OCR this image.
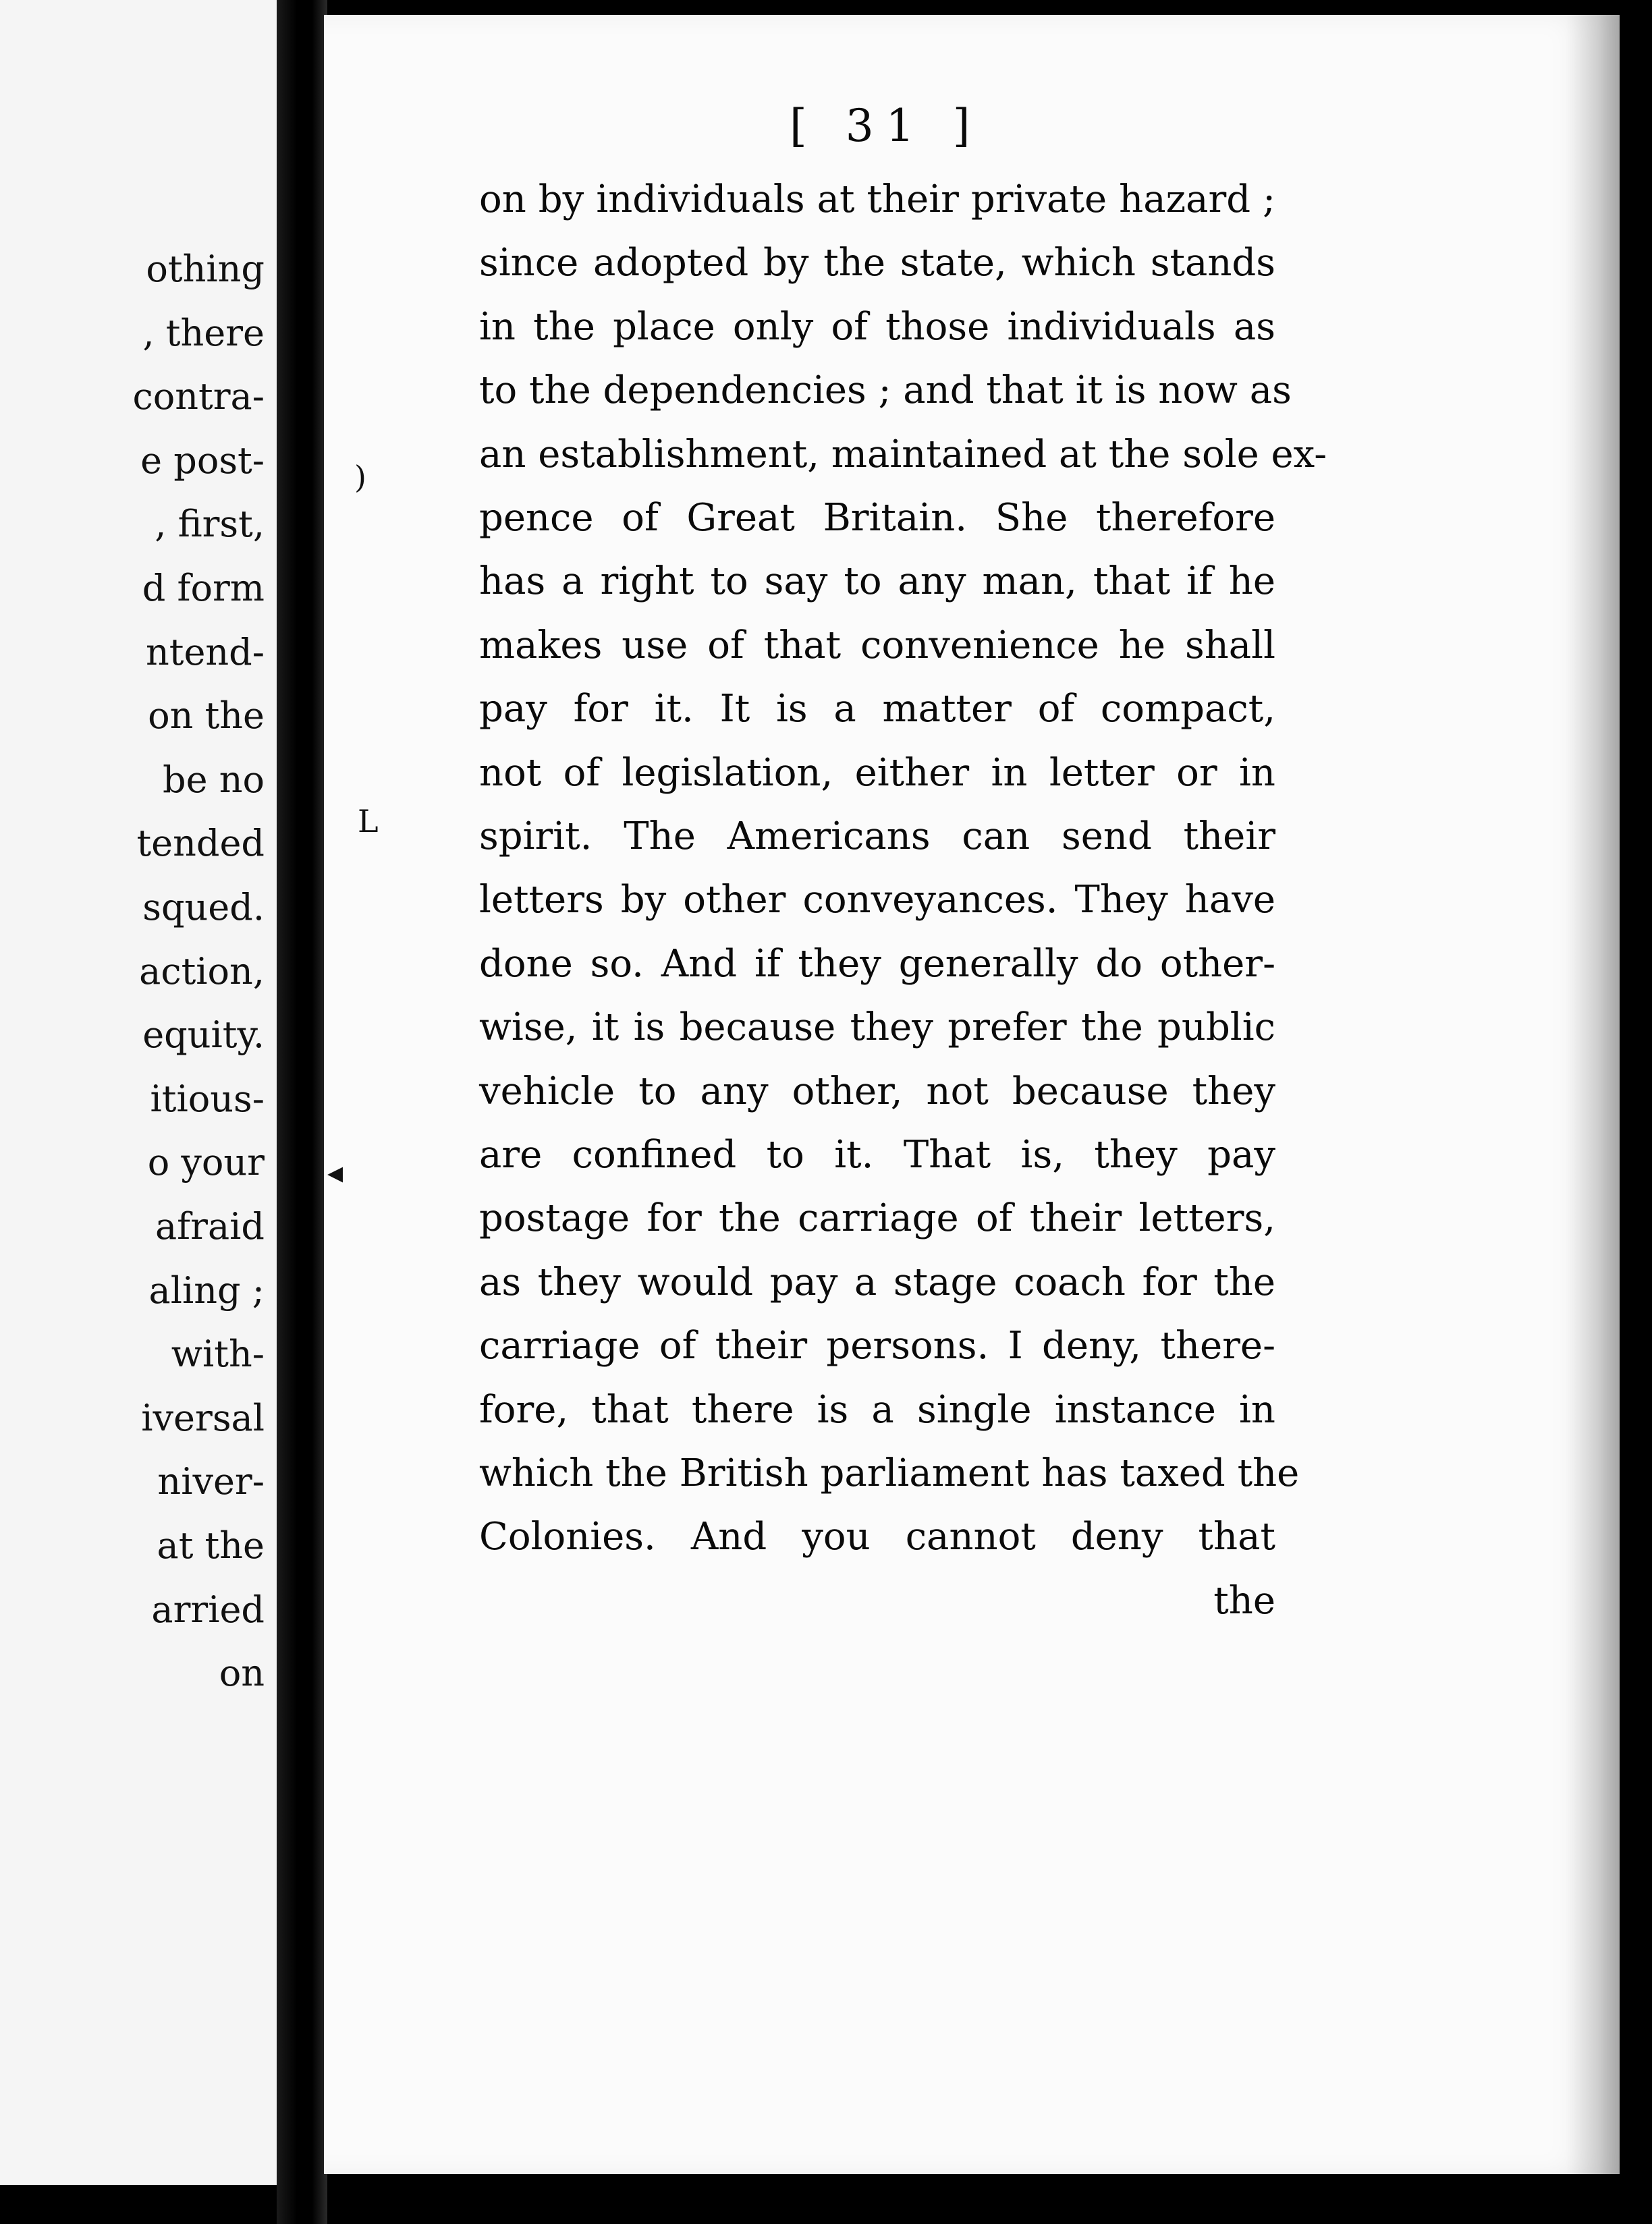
othing
, there
contra-
e post-
, first,
d form
ntend-
on the
be no
tended
squed.
action,
equity.
itious-
o your
afraid
aling ;
with-
iversal
niver-
at the
arried
on
[ 31 ]
on by individuals at their private hazard ;
since adopted by the state, which stands
in the place only of those individuals as
to the dependencies ; and that it is now as
an establishment, maintained at the sole ex-
pence of Great Britain. She therefore
has a right to say to any man, that if he
makes use of that convenience he shall
pay for it. It is a matter of compact,
not of legislation, either in letter or in
spirit. The Americans can send their
letters by other conveyances. They have
done so. And if they generally do other-
wise, it is because they prefer the public
vehicle to any other, not because they
are confined to it. That is, they pay
postage for the carriage of their letters,
as they would pay a stage coach for the
carriage of their persons. I deny, there-
fore, that there is a single instance in
which the British parliament has taxed the
Colonies. And you cannot deny that
the
)
L
◂
